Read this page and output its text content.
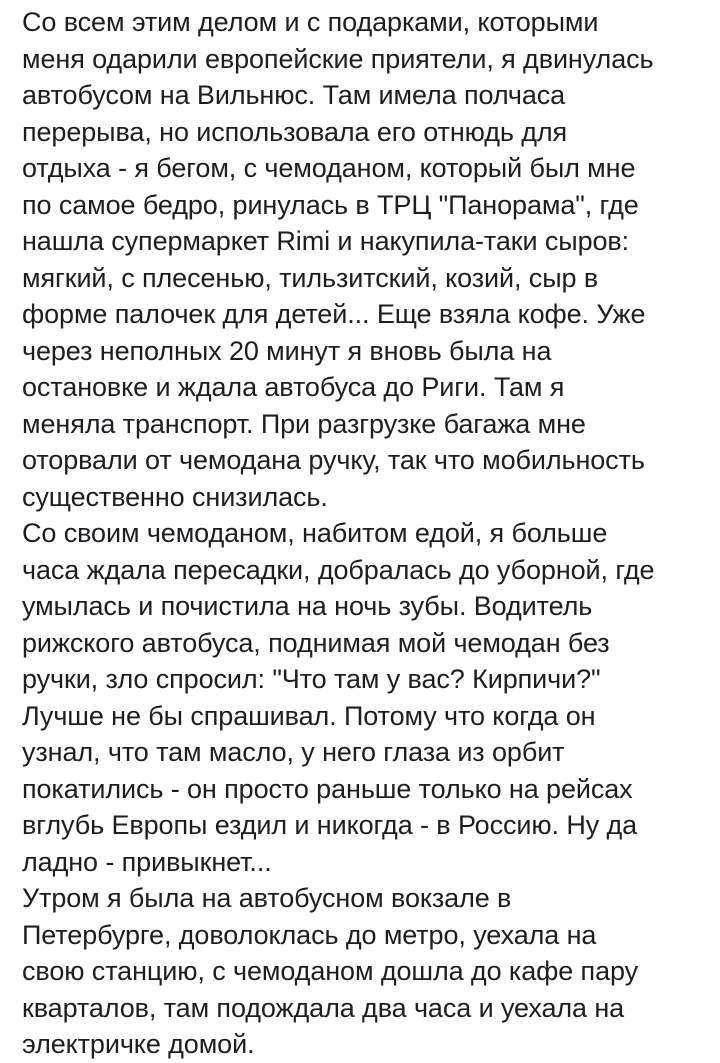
Со всем этим делом и с подарками, которыми
меня одарили европейские приятели, я двинулась
автобусом на Вильнюс. Там имела полчаса
перерыва, но использовала его отнюдь для
отдыха - я бегом, с чемоданом, который был мне
по самое бедро, ринулась в ТРЦ "Панорама", где
нашла супермаркет Rimi и накупила-таки сыров:
мягкий, с плесенью, тильзитский, козий, сыр в
форме палочек для детей... Еще взяла кофе. Уже
через неполных 20 минут я вновь была на
остановке и ждала автобуса до Риги. Там я
меняла транспорт. При разгрузке багажа мне
оторвали от чемодана ручку, так что мобильность
существенно снизилась.
Со своим чемоданом, набитом едой, я больше
часа ждала пересадки, добралась до уборной, где
умылась и почистила на ночь зубы. Водитель
рижского автобуса, поднимая мой чемодан без
ручки, зло спросил: "Что там у вас? Кирпичи?"
Лучше не бы спрашивал. Потому что когда он
узнал, что там масло, у него глаза из орбит
покатились - он просто раньше только на рейсах
вглубь Европы ездил и никогда - в Россию. Ну да
ладно - привыкнет...
Утром я была на автобусном вокзале в
Петербурге, доволоклась до метро, уехала на
свою станцию, с чемоданом дошла до кафе пару
кварталов, там подождала два часа и уехала на
электричке домой.
